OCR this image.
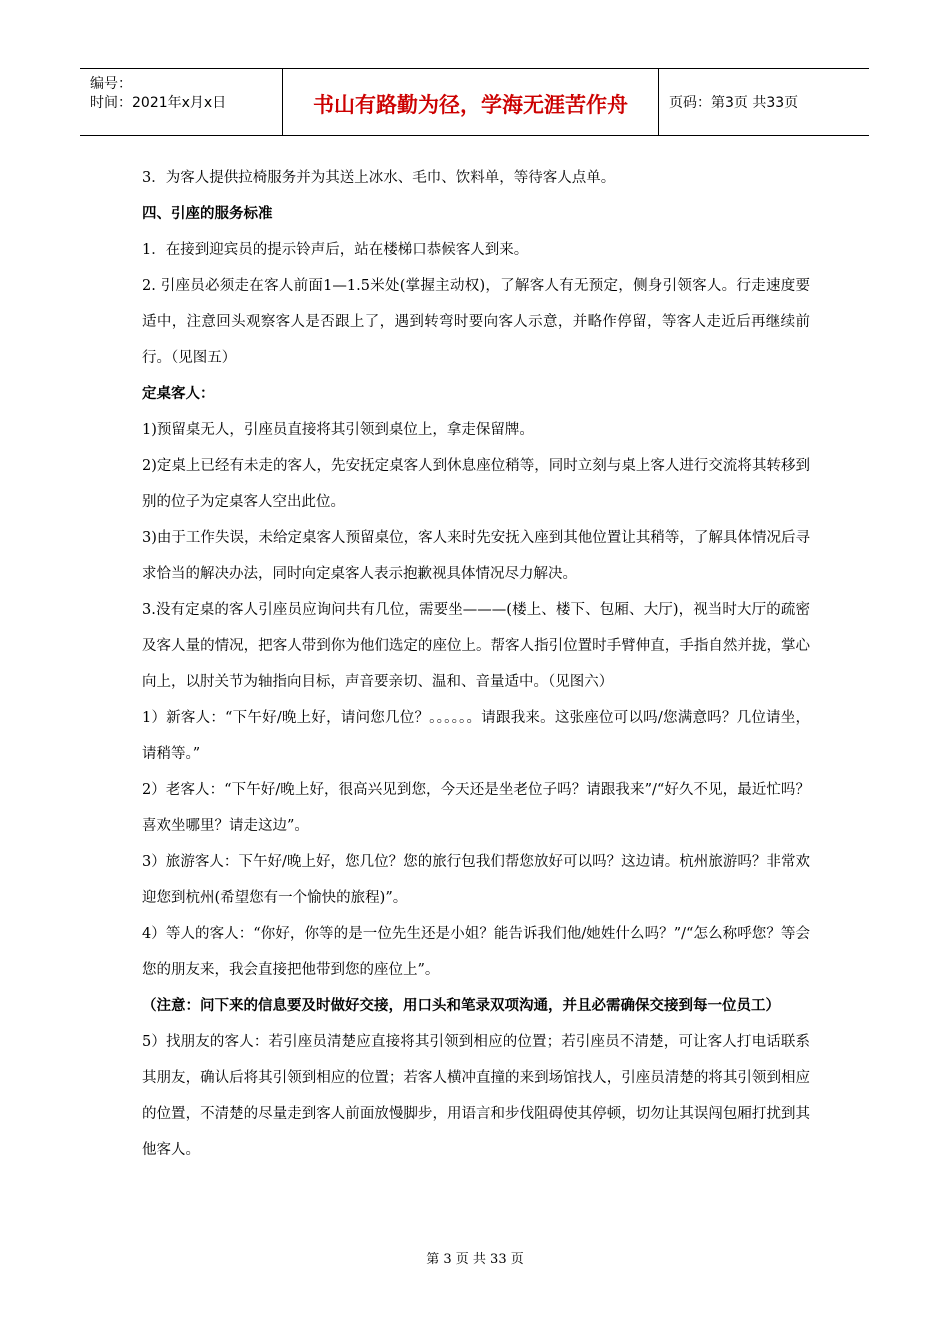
编号：
时间：2021年x月x日	书山有路勤为径，学海无涯苦作舟	页码：第3页 共33页

3．为客人提供拉椅服务并为其送上冰水、毛巾、饮料单，等待客人点单。

四、引座的服务标准

1．在接到迎宾员的提示铃声后，站在楼梯口恭候客人到来。

2. 引座员必须走在客人前面1—1.5米处(掌握主动权)，了解客人有无预定，侧身引领客人。行走速度要适中，注意回头观察客人是否跟上了，遇到转弯时要向客人示意，并略作停留，等客人走近后再继续前行。（见图五）

定桌客人：

1)预留桌无人，引座员直接将其引领到桌位上，拿走保留牌。

2)定桌上已经有未走的客人，先安抚定桌客人到休息座位稍等，同时立刻与桌上客人进行交流将其转移到别的位子为定桌客人空出此位。

3)由于工作失误，未给定桌客人预留桌位，客人来时先安抚入座到其他位置让其稍等，了解具体情况后寻求恰当的解决办法，同时向定桌客人表示抱歉视具体情况尽力解决。

3.没有定桌的客人引座员应询问共有几位，需要坐———(楼上、楼下、包厢、大厅)，视当时大厅的疏密及客人量的情况，把客人带到你为他们选定的座位上。帮客人指引位置时手臂伸直，手指自然并拢，掌心向上，以肘关节为轴指向目标，声音要亲切、温和、音量适中。（见图六）

1）新客人：“下午好/晚上好，请问您几位？。。。。。。请跟我来。这张座位可以吗/您满意吗？几位请坐，请稍等。”

2）老客人：“下午好/晚上好，很高兴见到您，今天还是坐老位子吗？请跟我来”/“好久不见，最近忙吗？喜欢坐哪里？请走这边”。

3）旅游客人：下午好/晚上好，您几位？您的旅行包我们帮您放好可以吗？这边请。杭州旅游吗？非常欢迎您到杭州(希望您有一个愉快的旅程)”。

4）等人的客人：“你好，你等的是一位先生还是小姐？能告诉我们他/她姓什么吗？”/“怎么称呼您？等会您的朋友来，我会直接把他带到您的座位上”。

（注意：问下来的信息要及时做好交接，用口头和笔录双项沟通，并且必需确保交接到每一位员工）

5）找朋友的客人：若引座员清楚应直接将其引领到相应的位置；若引座员不清楚，可让客人打电话联系其朋友，确认后将其引领到相应的位置；若客人横冲直撞的来到场馆找人，引座员清楚的将其引领到相应的位置，不清楚的尽量走到客人前面放慢脚步，用语言和步伐阻碍使其停顿，切勿让其误闯包厢打扰到其他客人。

第 3 页 共 33 页
